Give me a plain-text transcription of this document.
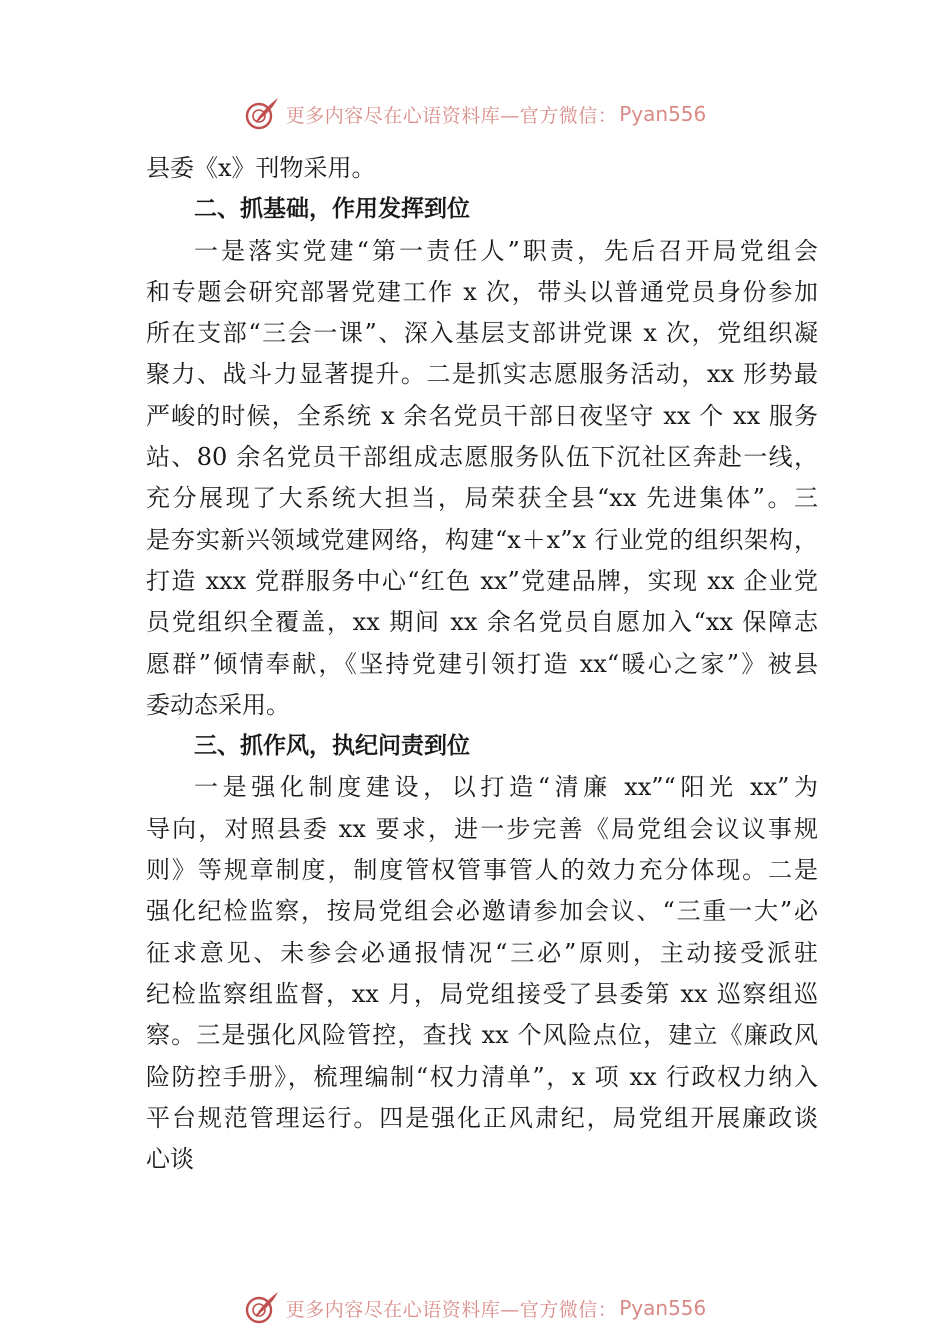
更多内容尽在心语资料库—官方微信： Pyan556
县委《x》刊物采用。
二、抓基础，作用发挥到位
一是落实党建“第一责任人”职责，先后召开局党组会
和专题会研究部署党建工作 x 次，带头以普通党员身份参加
所在支部“三会一课”、深入基层支部讲党课 x 次，党组织凝
聚力、战斗力显著提升。二是抓实志愿服务活动，xx 形势最
严峻的时候，全系统 x 余名党员干部日夜坚守 xx 个 xx 服务
站、80 余名党员干部组成志愿服务队伍下沉社区奔赴一线，
充分展现了大系统大担当，局荣获全县“xx 先进集体”。三
是夯实新兴领域党建网络，构建“x＋x”x 行业党的组织架构，
打造 xxx 党群服务中心“红色 xx”党建品牌，实现 xx 企业党
员党组织全覆盖，xx 期间 xx 余名党员自愿加入“xx 保障志
愿群”倾情奉献，《坚持党建引领打造 xx“暖心之家”》被县
委动态采用。
三、抓作风，执纪问责到位
一是强化制度建设，以打造“清廉 xx”“阳光 xx”为
导向，对照县委 xx 要求，进一步完善《局党组会议议事规
则》等规章制度，制度管权管事管人的效力充分体现。二是
强化纪检监察，按局党组会必邀请参加会议、“三重一大”必
征求意见、未参会必通报情况“三必”原则，主动接受派驻
纪检监察组监督，xx 月，局党组接受了县委第 xx 巡察组巡
察。三是强化风险管控，查找 xx 个风险点位，建立《廉政风
险防控手册》，梳理编制“权力清单”，x 项 xx 行政权力纳入
平台规范管理运行。四是强化正风肃纪，局党组开展廉政谈
心谈
更多内容尽在心语资料库—官方微信： Pyan556
